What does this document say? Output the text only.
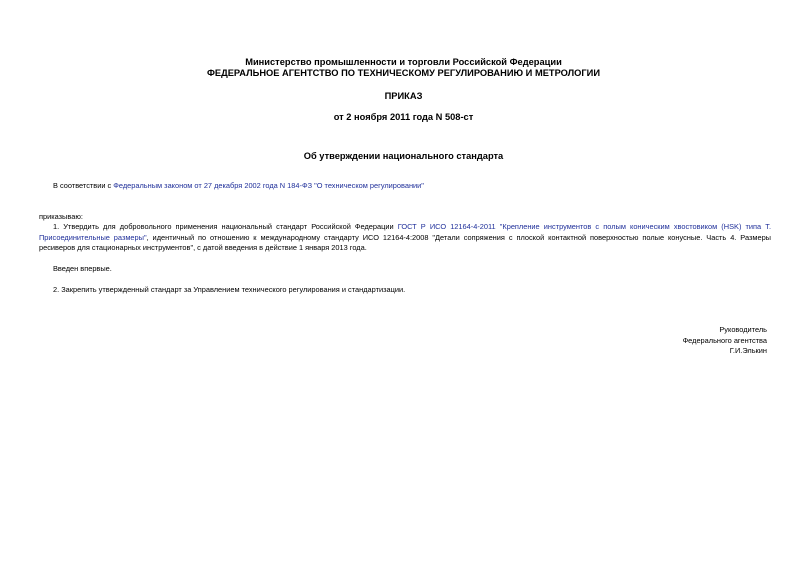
Министерство промышленности и торговли Российской Федерации
ФЕДЕРАЛЬНОЕ АГЕНТСТВО ПО ТЕХНИЧЕСКОМУ РЕГУЛИРОВАНИЮ И МЕТРОЛОГИИ
ПРИКАЗ
от 2 ноября 2011 года N 508-ст
Об утверждении национального стандарта
В соответствии с Федеральным законом от 27 декабря 2002 года N 184-ФЗ "О техническом регулировании"
приказываю:
1. Утвердить для добровольного применения национальный стандарт Российской Федерации ГОСТ Р ИСО 12164-4-2011 "Крепление инструментов с полым коническим хвостовиком (HSK) типа T. Присоединительные размеры", идентичный по отношению к международному стандарту ИСО 12164-4:2008 "Детали сопряжения с плоской контактной поверхностью полые конусные. Часть 4. Размеры ресиверов для стационарных инструментов", с датой введения в действие 1 января 2013 года.
Введен впервые.
2. Закрепить утвержденный стандарт за Управлением технического регулирования и стандартизации.
Руководитель
Федерального агентства
Г.И.Элькин
